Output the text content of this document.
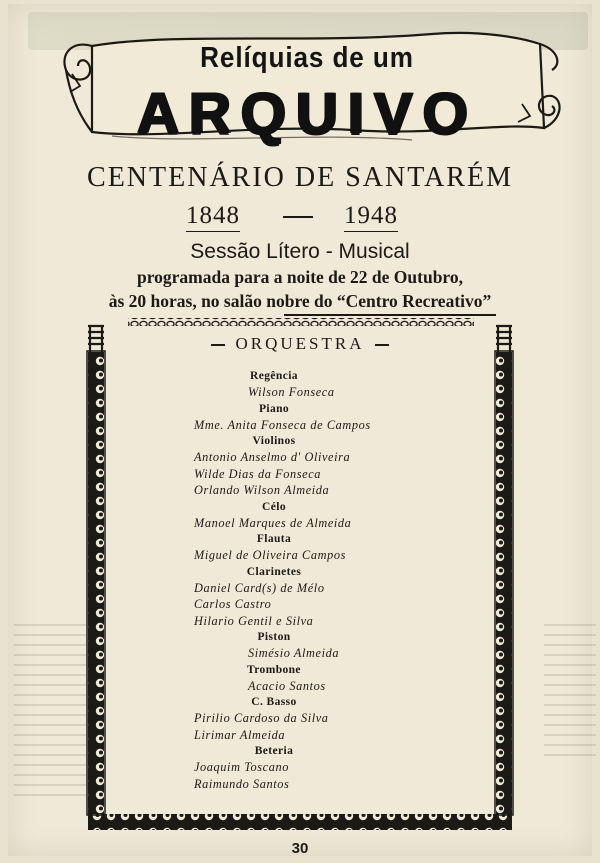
Relíquias de um
ARQUIVO
CENTENÁRIO DE SANTARÉM
1848	1948
Sessão Lítero - Musical
programada para a noite de 22 de Outubro,
às 20 horas, no salão nobre do “Centro Recreativo”
ORQUESTRA
Regência
Wilson Fonseca
Piano
Mme. Anita Fonseca de Campos
Violinos
Antonio Anselmo d' Oliveira
Wilde Dias da Fonseca
Orlando Wilson Almeida
Célo
Manoel Marques de Almeida
Flauta
Miguel de Oliveira Campos
Clarinetes
Daniel Card(s) de Mélo
Carlos Castro
Hilario Gentil e Silva
Piston
Simésio Almeida
Trombone
Acacio Santos
C. Basso
Pirilio Cardoso da Silva
Lirimar Almeida
Beteria
Joaquim Toscano
Raimundo Santos
30
